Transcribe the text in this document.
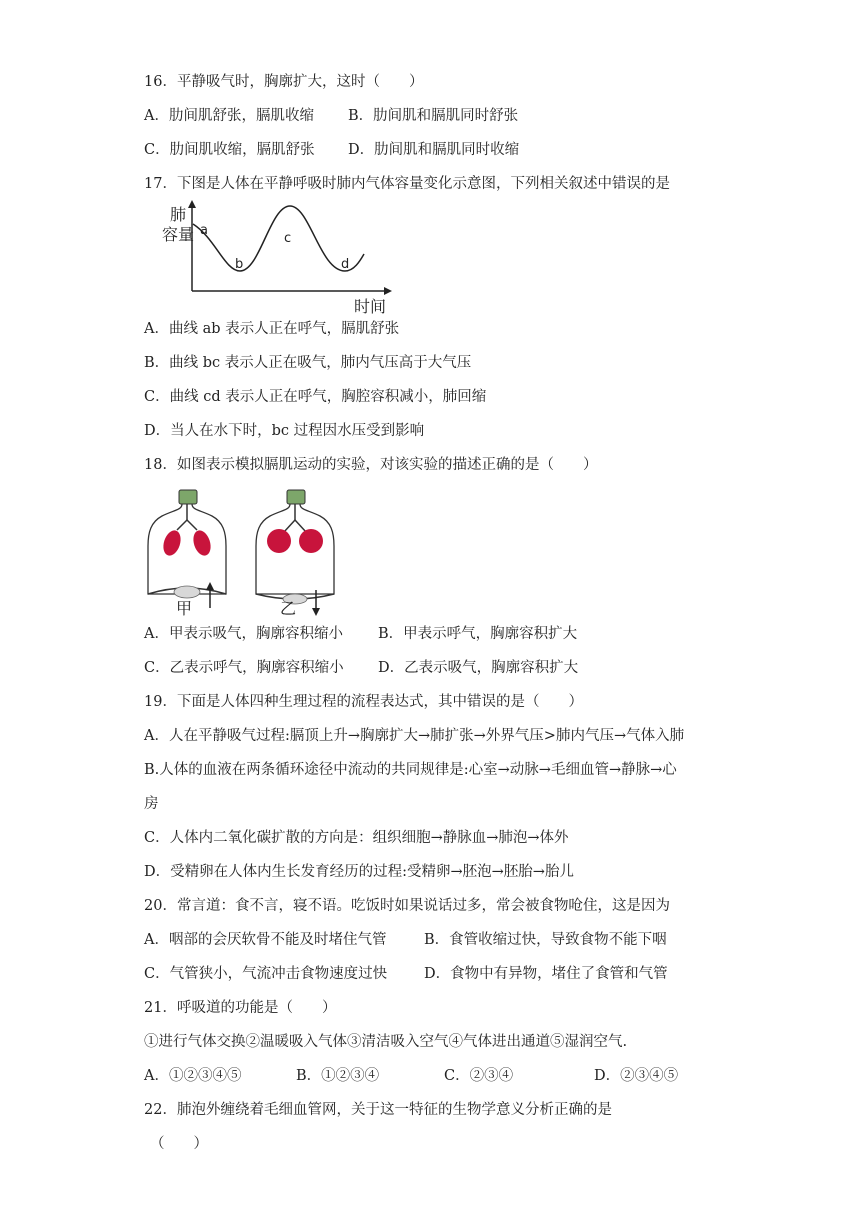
16．平静吸气时，胸廓扩大，这时（　　）
A．肋间肌舒张，膈肌收缩 B．肋间肌和膈肌同时舒张
C．肋间肌收缩，膈肌舒张 D．肋间肌和膈肌同时收缩
17．下图是人体在平静呼吸时肺内气体容量变化示意图，下列相关叙述中错误的是
肺
容量 a
b
c
d
时间
A．曲线 ab 表示人正在呼气，膈肌舒张
B．曲线 bc 表示人正在吸气，肺内气压高于大气压
C．曲线 cd 表示人正在呼气，胸腔容积减小，肺回缩
D．当人在水下时，bc 过程因水压受到影响
18．如图表示模拟膈肌运动的实验，对该实验的描述正确的是（　　）
甲	乙
A．甲表示吸气，胸廓容积缩小 B．甲表示呼气，胸廓容积扩大
C．乙表示呼气，胸廓容积缩小 D．乙表示吸气，胸廓容积扩大
19．下面是人体四种生理过程的流程表达式，其中错误的是（　　）
A．人在平静吸气过程:膈顶上升→胸廓扩大→肺扩张→外界气压>肺内气压→气体入肺
B.人体的血液在两条循环途径中流动的共同规律是:心室→动脉→毛细血管→静脉→心
房
C．人体内二氧化碳扩散的方向是：组织细胞→静脉血→肺泡→体外
D．受精卵在人体内生长发育经历的过程:受精卵→胚泡→胚胎→胎儿
20．常言道：食不言，寝不语。吃饭时如果说话过多，常会被食物呛住，这是因为
A．咽部的会厌软骨不能及时堵住气管	B．食管收缩过快，导致食物不能下咽
C．气管狭小，气流冲击食物速度过快	D．食物中有异物，堵住了食管和气管
21．呼吸道的功能是（　　）
①进行气体交换②温暖吸入气体③清洁吸入空气④气体进出通道⑤湿润空气.
A．①②③④⑤	B．①②③④	C．②③④	D．②③④⑤
22．肺泡外缠绕着毛细血管网，关于这一特征的生物学意义分析正确的是
（　　）
